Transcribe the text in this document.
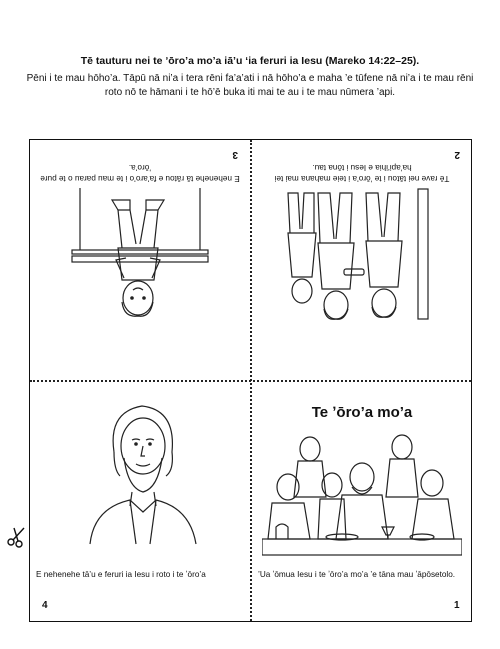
Tē tauturu nei te ʼōro’a mo’a iā’u ʻia feruri ia Iesu (Mareko 14:22–25).
Pēni i te mau hōho’a. Tāpū nā ni’a i tera rēni fa’a’ati i nā hōho’a e maha ’e tūfene nā ni’a i te mau rēni roto nō te hāmani i te hō’ē buka iti mai te au i te mau nūmera ’api.
E nehenehe tā rātou e fa’aro’o i te mau parau o te pure ʼōro’a.
3
Tē rave nei tātou i te ʼōro’a i teie mahana mai tei haʼapiʻihia e Iesu i tōna tau.
2
E nehenehe tā’u e feruri ia Iesu i roto i te ʼōro’a
4
Te ʼōro’a mo’a
’Ua ʼōmua Iesu i te ʼōro’a mo’a ’e tāna mau ʼāpōsetolo.
1
